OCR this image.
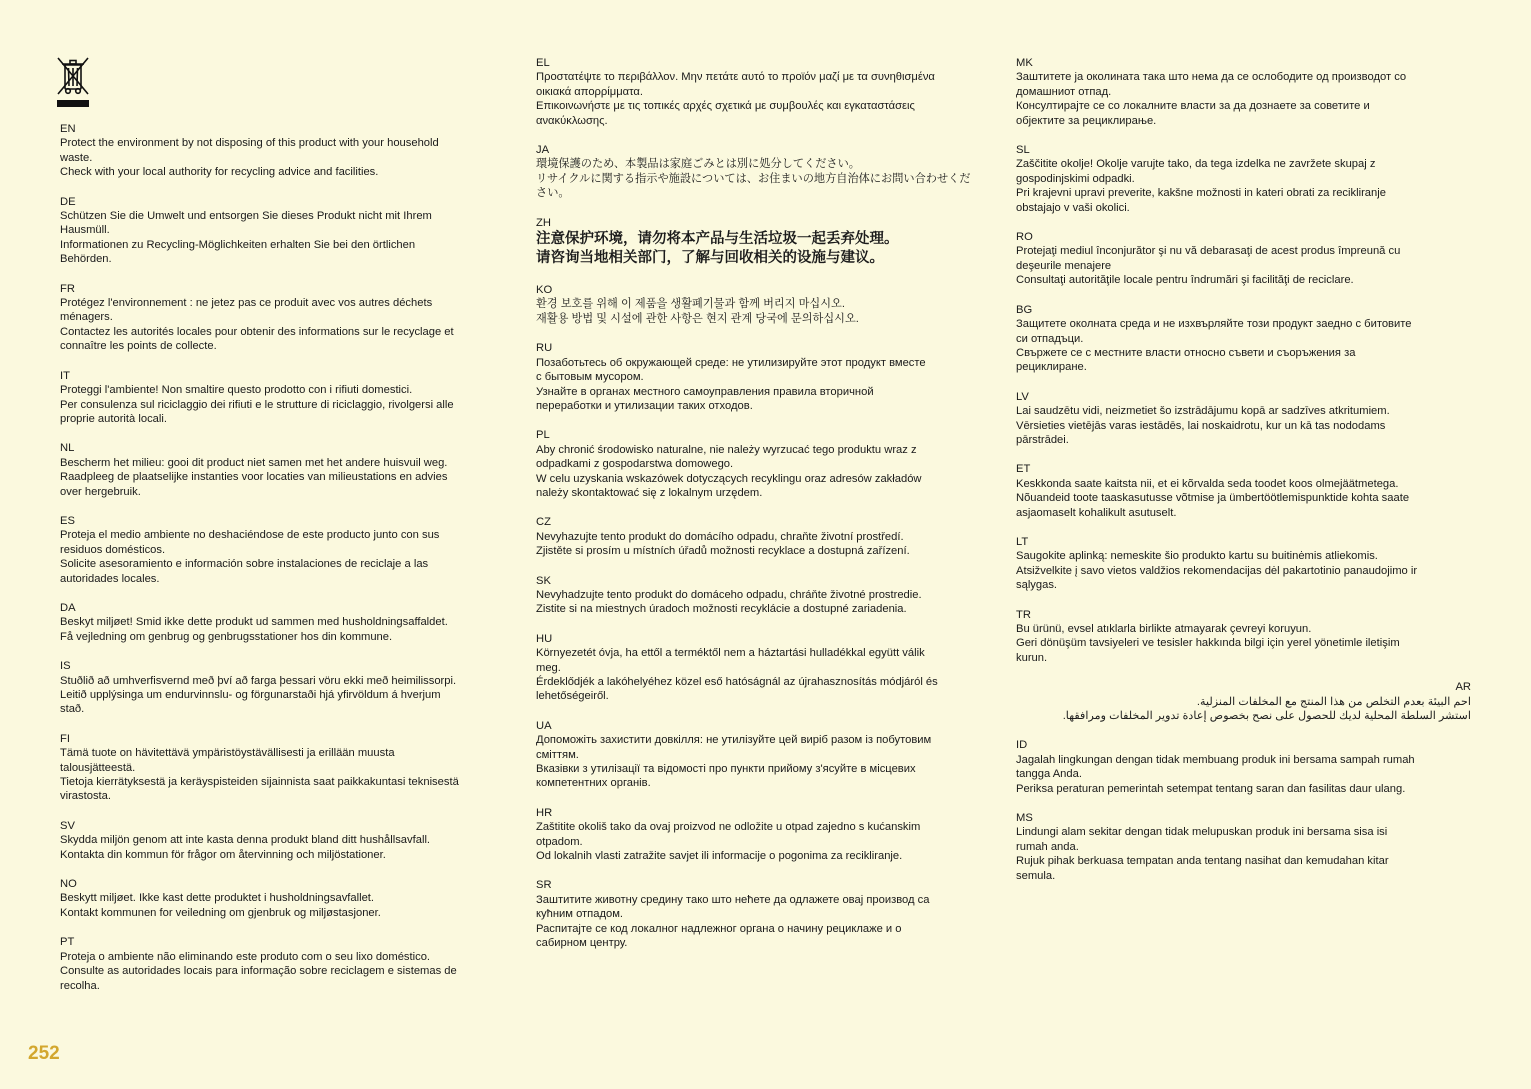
EN
Protect the environment by not disposing of this product with your household
waste.
Check with your local authority for recycling advice and facilities.
DE
Schützen Sie die Umwelt und entsorgen Sie dieses Produkt nicht mit Ihrem
Hausmüll.
Informationen zu Recycling-Möglichkeiten erhalten Sie bei den örtlichen
Behörden.
FR
Protégez l'environnement : ne jetez pas ce produit avec vos autres déchets
ménagers.
Contactez les autorités locales pour obtenir des informations sur le recyclage et
connaître les points de collecte.
IT
Proteggi l'ambiente! Non smaltire questo prodotto con i rifiuti domestici.
Per consulenza sul riciclaggio dei rifiuti e le strutture di riciclaggio, rivolgersi alle
proprie autorità locali.
NL
Bescherm het milieu: gooi dit product niet samen met het andere huisvuil weg.
Raadpleeg de plaatselijke instanties voor locaties van milieustations en advies
over hergebruik.
ES
Proteja el medio ambiente no deshaciéndose de este producto junto con sus
residuos domésticos.
Solicite asesoramiento e información sobre instalaciones de reciclaje a las
autoridades locales.
DA
Beskyt miljøet! Smid ikke dette produkt ud sammen med husholdningsaffaldet.
Få vejledning om genbrug og genbrugsstationer hos din kommune.
IS
Stuðlið að umhverfisvernd með því að farga þessari vöru ekki með heimilissorpi.
Leitið upplýsinga um endurvinnslu- og förgunarstaði hjá yfirvöldum á hverjum
stað.
FI
Tämä tuote on hävitettävä ympäristöystävällisesti ja erillään muusta
talousjätteestä.
Tietoja kierrätyksestä ja keräyspisteiden sijainnista saat paikkakuntasi teknisestä
virastosta.
SV
Skydda miljön genom att inte kasta denna produkt bland ditt hushållsavfall.
Kontakta din kommun för frågor om återvinning och miljöstationer.
NO
Beskytt miljøet. Ikke kast dette produktet i husholdningsavfallet.
Kontakt kommunen for veiledning om gjenbruk og miljøstasjoner.
PT
Proteja o ambiente não eliminando este produto com o seu lixo doméstico.
Consulte as autoridades locais para informação sobre reciclagem e sistemas de
recolha.
EL
Προστατέψτε το περιβάλλον. Μην πετάτε αυτό το προϊόν μαζί με τα συνηθισμένα
οικιακά απορρίμματα.
Επικοινωνήστε με τις τοπικές αρχές σχετικά με συμβουλές και εγκαταστάσεις
ανακύκλωσης.
JA
環境保護のため、本製品は家庭ごみとは別に処分してください。
リサイクルに関する指示や施設については、お住まいの地方自治体にお問い合わせくだ
さい。
ZH
注意保护环境，请勿将本产品与生活垃圾一起丢弃处理。
请咨询当地相关部门，了解与回收相关的设施与建议。
KO
환경 보호를 위해 이 제품을 생활폐기물과 함께 버리지 마십시오.
재활용 방법 및 시설에 관한 사항은 현지 관계 당국에 문의하십시오.
RU
Позаботьтесь об окружающей среде: не утилизируйте этот продукт вместе
с бытовым мусором.
Узнайте в органах местного самоуправления правила вторичной
переработки и утилизации таких отходов.
PL
Aby chronić środowisko naturalne, nie należy wyrzucać tego produktu wraz z
odpadkami z gospodarstwa domowego.
W celu uzyskania wskazówek dotyczących recyklingu oraz adresów zakładów
należy skontaktować się z lokalnym urzędem.
CZ
Nevyhazujte tento produkt do domácího odpadu, chraňte životní prostředí.
Zjistěte si prosím u místních úřadů možnosti recyklace a dostupná zařízení.
SK
Nevyhadzujte tento produkt do domáceho odpadu, chráňte životné prostredie.
Zistite si na miestnych úradoch možnosti recyklácie a dostupné zariadenia.
HU
Környezetét óvja, ha ettől a terméktől nem a háztartási hulladékkal együtt válik
meg.
Érdeklődjék a lakóhelyéhez közel eső hatóságnál az újrahasznosítás módjáról és
lehetőségeiről.
UA
Допоможіть захистити довкілля: не утилізуйте цей виріб разом із побутовим
сміттям.
Вказівки з утилізації та відомості про пункти прийому з'ясуйте в місцевих
компетентних органів.
HR
Zaštitite okoliš tako da ovaj proizvod ne odložite u otpad zajedno s kućanskim
otpadom.
Od lokalnih vlasti zatražite savjet ili informacije o pogonima za recikliranje.
SR
Заштитите животну средину тако што нећете да одлажете овај производ са
кућним отпадом.
Распитајте се код локалног надлежног органа о начину рециклаже и о
сабирном центру.
MK
Заштитете ја околината така што нема да се ослободите од производот со
домашниот отпад.
Консултирајте се со локалните власти за да дознаете за советите и
објектите за рециклирање.
SL
Zaščitite okolje! Okolje varujte tako, da tega izdelka ne zavržete skupaj z
gospodinjskimi odpadki.
Pri krajevni upravi preverite, kakšne možnosti in kateri obrati za recikliranje
obstajajo v vaši okolici.
RO
Protejaţi mediul înconjurător şi nu vă debarasaţi de acest produs împreună cu
deşeurile menajere
Consultaţi autorităţile locale pentru îndrumări şi facilităţi de reciclare.
BG
Защитете околната среда и не изхвърляйте този продукт заедно с битовите
си отпадъци.
Свържете се с местните власти относно съвети и съоръжения за
рециклиране.
LV
Lai saudzētu vidi, neizmetiet šo izstrādājumu kopā ar sadzīves atkritumiem.
Vērsieties vietējās varas iestādēs, lai noskaidrotu, kur un kā tas nododams
pārstrādei.
ET
Keskkonda saate kaitsta nii, et ei kõrvalda seda toodet koos olmejäätmetega.
Nõuandeid toote taaskasutusse võtmise ja ümbertöötlemispunktide kohta saate
asjaomaselt kohalikult asutuselt.
LT
Saugokite aplinką: nemeskite šio produkto kartu su buitinėmis atliekomis.
Atsižvelkite į savo vietos valdžios rekomendacijas dėl pakartotinio panaudojimo ir
sąlygas.
TR
Bu ürünü, evsel atıklarla birlikte atmayarak çevreyi koruyun.
Geri dönüşüm tavsiyeleri ve tesisler hakkında bilgi için yerel yönetimle iletişim
kurun.
AR
احم البيئة بعدم التخلص من هذا المنتج مع المخلفات المنزلية.
استشر السلطة المحلية لديك للحصول على نصح بخصوص إعادة تدوير المخلفات ومرافقها.
ID
Jagalah lingkungan dengan tidak membuang produk ini bersama sampah rumah
tangga Anda.
Periksa peraturan pemerintah setempat tentang saran dan fasilitas daur ulang.
MS
Lindungi alam sekitar dengan tidak melupuskan produk ini bersama sisa isi
rumah anda.
Rujuk pihak berkuasa tempatan anda tentang nasihat dan kemudahan kitar
semula.
252
